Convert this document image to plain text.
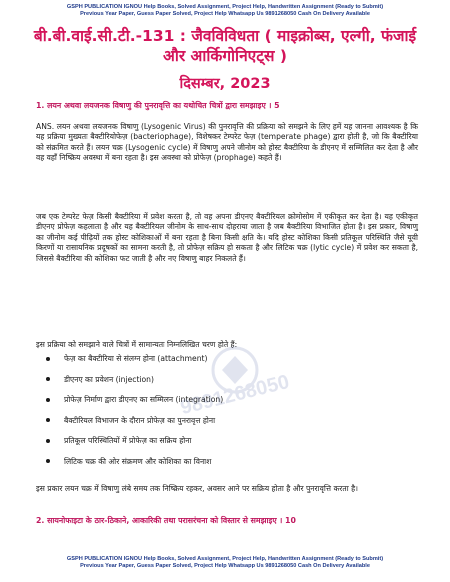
GSPH PUBLICATION IGNOU Help Books, Solved Assignment, Project Help, Handwritten Assignment (Ready to Submit)
Previous Year Paper, Guess Paper Solved, Project Help Whatsapp Us 9891268050 Cash On Delivery Available
बी.बी.वाई.सी.टी.-131 : जैवविविधता ( माइक्रोब्स, एल्गी, फंजाई
और आर्किगोनिएट्स )
दिसम्बर, 2023
1. लयन अथवा लयजनक विषाणु की पुनरावृत्ति का यथोचित चित्रों द्वारा समझाइए । 5
ANS. लयन अथवा लयजनक विषाणु (Lysogenic Virus) की पुनरावृत्ति की प्रक्रिया को समझने के लिए हमें यह जानना आवश्यक है कि यह प्रक्रिया मुख्यतः बैक्टीरियोफेज़ (bacteriophage), विशेषकर टेम्परेट फेज़ (temperate phage) द्वारा होती है, जो कि बैक्टीरिया को संक्रमित करते हैं। लयन चक्र (Lysogenic cycle) में विषाणु अपने जीनोम को होस्ट बैक्टीरिया के डीएनए में सम्मिलित कर देता है और वह वहाँ निष्क्रिय अवस्था में बना रहता है। इस अवस्था को प्रोफेज़ (prophage) कहते हैं।
जब एक टेम्परेट फेज़ किसी बैक्टीरिया में प्रवेश करता है, तो वह अपना डीएनए बैक्टीरियल क्रोमोसोम में एकीकृत कर देता है। यह एकीकृत डीएनए प्रोफेज़ कहलाता है और यह बैक्टीरियल जीनोम के साथ-साथ दोहराया जाता है जब बैक्टीरिया विभाजित होता है। इस प्रकार, विषाणु का जीनोम कई पीढ़ियों तक होस्ट कोशिकाओं में बना रहता है बिना किसी क्षति के। यदि होस्ट कोशिका किसी प्रतिकूल परिस्थिति जैसे यूवी किरणों या रासायनिक प्रदूषकों का सामना करती है, तो प्रोफेज़ सक्रिय हो सकता है और लिटिक चक्र (lytic cycle) में प्रवेश कर सकता है, जिससे बैक्टीरिया की कोशिका फट जाती है और नए विषाणु बाहर निकलते हैं।
इस प्रक्रिया को समझाने वाले चित्रों में सामान्यतः निम्नलिखित चरण होते हैं:
फेज़ का बैक्टीरिया से संलग्न होना (attachment)
डीएनए का प्रवेशन (injection)
प्रोफेज़ निर्माण द्वारा डीएनए का सम्मिलन (integration)
बैक्टीरियल विभाजन के दौरान प्रोफेज़ का पुनरावृत्त होना
प्रतिकूल परिस्थितियों में प्रोफेज़ का सक्रिय होना
लिटिक चक्र की ओर संक्रमण और कोशिका का विनाश
इस प्रकार लयन चक्र में विषाणु लंबे समय तक निष्क्रिय रहकर, अवसर आने पर सक्रिय होता है और पुनरावृत्ति करता है।
2. सायनोफाइटा के ठार-ठिकाने, आकारिकी तथा परासरंचना को विस्तार से समझाइए । 10
9891268050
GSPH PUBLICATION IGNOU Help Books, Solved Assignment, Project Help, Handwritten Assignment (Ready to Submit)
Previous Year Paper, Guess Paper Solved, Project Help Whatsapp Us 9891268050 Cash On Delivery Available
